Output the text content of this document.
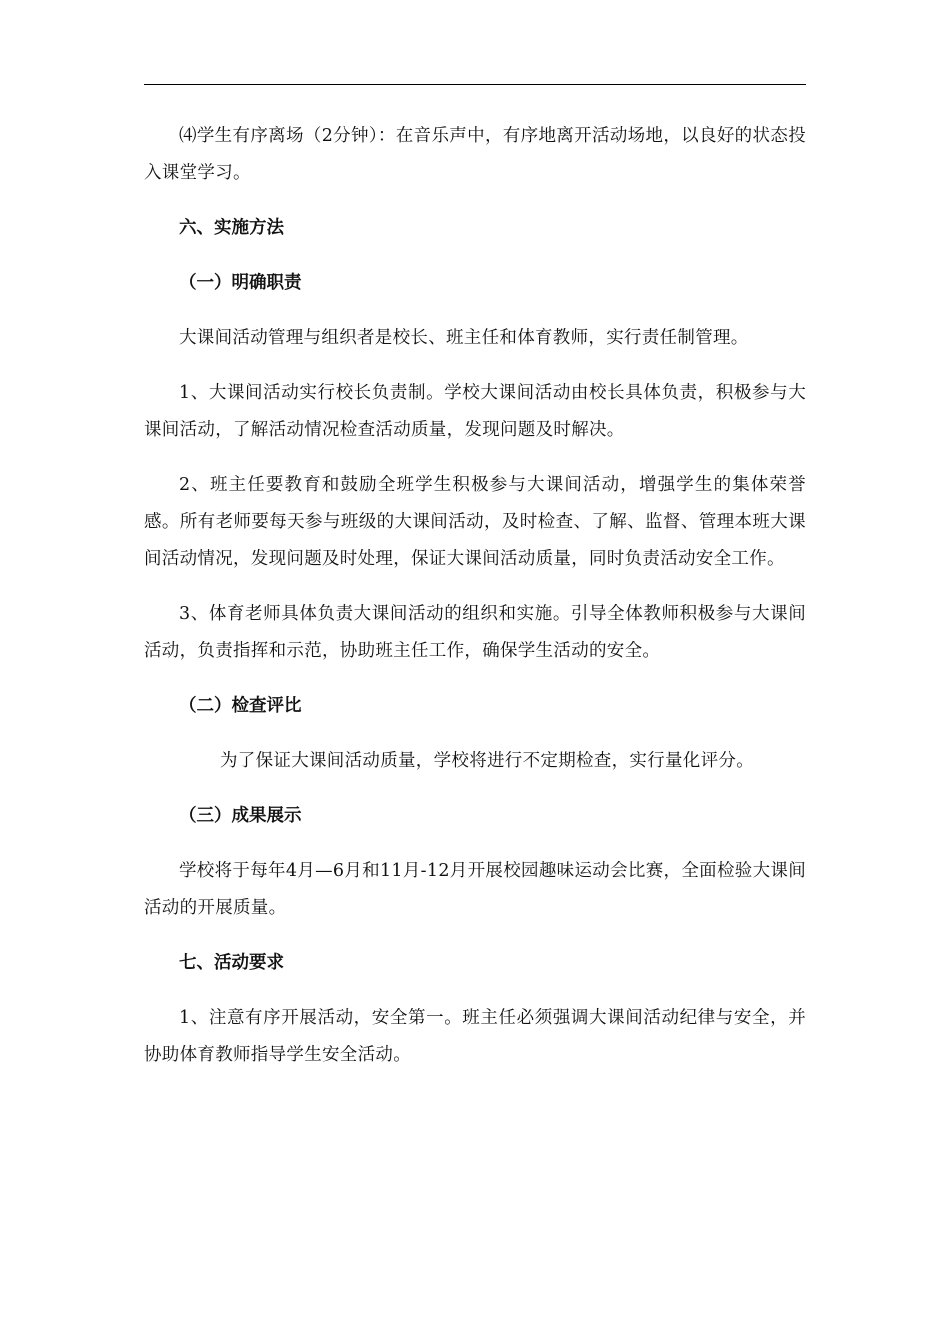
⑷学生有序离场（2分钟）：在音乐声中，有序地离开活动场地，以良好的状态投入课堂学习。

六、实施方法

（一）明确职责

大课间活动管理与组织者是校长、班主任和体育教师，实行责任制管理。

1、大课间活动实行校长负责制。学校大课间活动由校长具体负责，积极参与大课间活动，了解活动情况检查活动质量，发现问题及时解决。

2、班主任要教育和鼓励全班学生积极参与大课间活动，增强学生的集体荣誉感。所有老师要每天参与班级的大课间活动，及时检查、了解、监督、管理本班大课间活动情况，发现问题及时处理，保证大课间活动质量，同时负责活动安全工作。

3、体育老师具体负责大课间活动的组织和实施。引导全体教师积极参与大课间活动，负责指挥和示范，协助班主任工作，确保学生活动的安全。

（二）检查评比

为了保证大课间活动质量，学校将进行不定期检查，实行量化评分。

（三）成果展示

学校将于每年4月—6月和11月-12月开展校园趣味运动会比赛，全面检验大课间活动的开展质量。

七、活动要求

1、注意有序开展活动，安全第一。班主任必须强调大课间活动纪律与安全，并协助体育教师指导学生安全活动。
